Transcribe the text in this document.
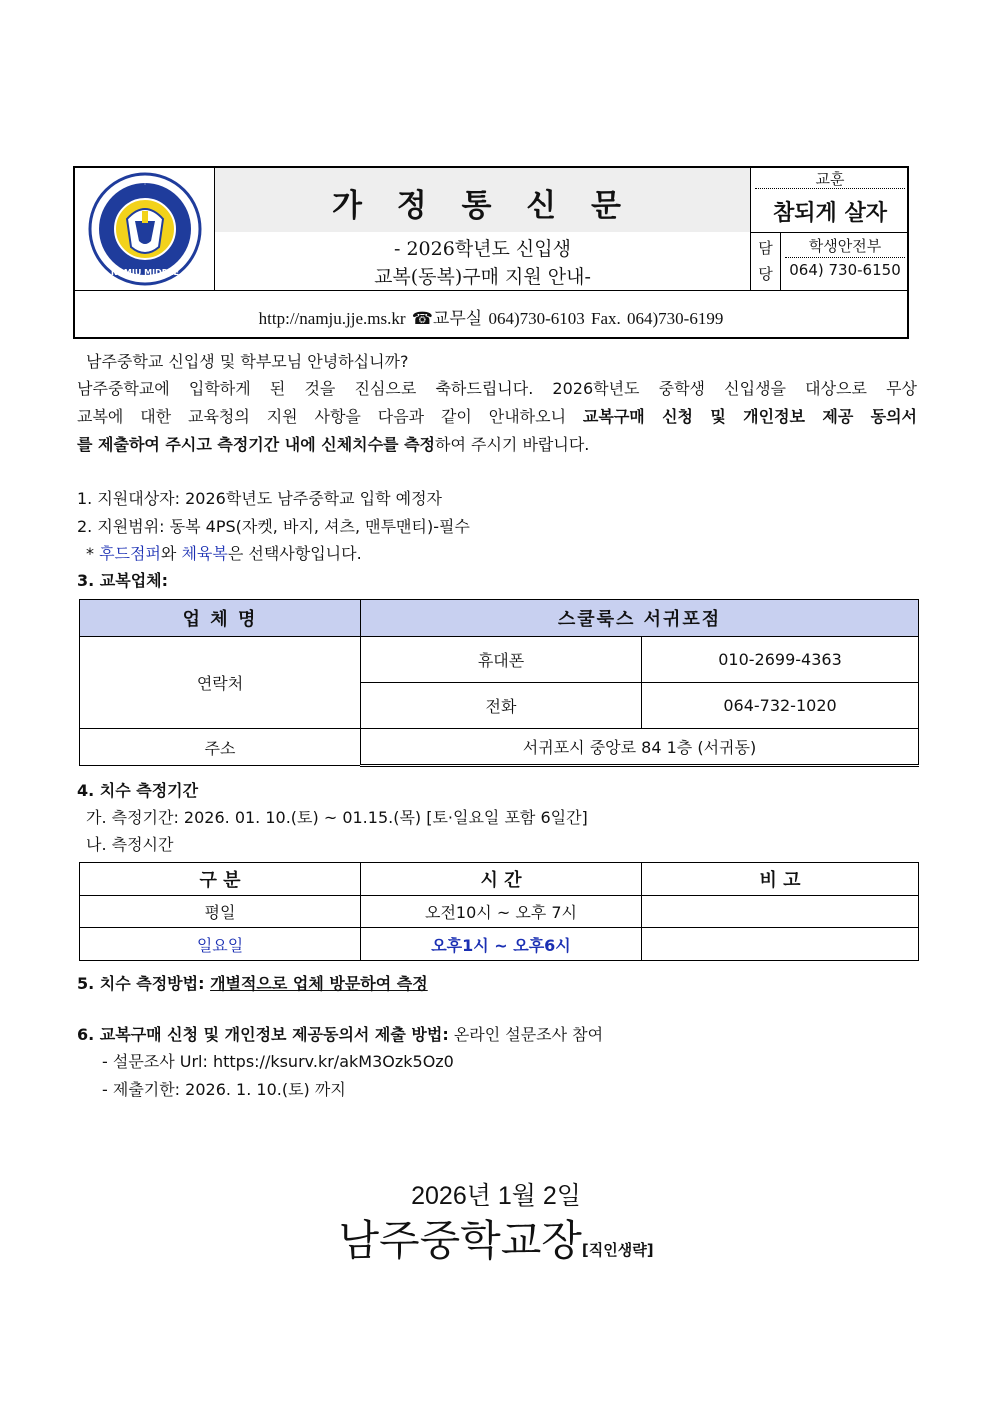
NAMJU MIDDLE
·
가 정 통 신 문
- 2026학년도 신입생
교복(동복)구매 지원 안내-
교훈
참되게 살자
담
당
학생안전부
064) 730-6150
http://namju.jje.ms.kr ☎교무실 064)730-6103 Fax. 064)730-6199
남주중학교 신입생 및 학부모님 안녕하십니까?
남주중학교에 입학하게 된 것을 진심으로 축하드립니다. 2026학년도 중학생 신입생을 대상으로 무상
교복에 대한 교육청의 지원 사항을 다음과 같이 안내하오니 교복구매 신청 및 개인정보 제공 동의서
를 제출하여 주시고 측정기간 내에 신체치수를 측정하여 주시기 바랍니다.
1. 지원대상자: 2026학년도 남주중학교 입학 예정자
2. 지원범위: 동복 4PS(자켓, 바지, 셔츠, 맨투맨티)-필수
* 후드점퍼와 체육복은 선택사항입니다.
3. 교복업체:
업 체 명	스쿨룩스 서귀포점	
연락처	휴대폰	010-2699-4363
	전화	064-732-1020
주소	서귀포시 중앙로 84 1층 (서귀동)	
4. 치수 측정기간
가. 측정기간: 2026. 01. 10.(토) ~ 01.15.(목) [토·일요일 포함 6일간]
나. 측정시간
구 분	시 간	비 고
평일	오전10시 ~ 오후 7시	
일요일	오후1시 ~ 오후6시	
5. 치수 측정방법: 개별적으로 업체 방문하여 측정
6. 교복구매 신청 및 개인정보 제공동의서 제출 방법: 온라인 설문조사 참여
- 설문조사 Url: https://ksurv.kr/akM3Ozk5Oz0
- 제출기한: 2026. 1. 10.(토) 까지
2026년 1월 2일
남주중학교장[직인생략]
